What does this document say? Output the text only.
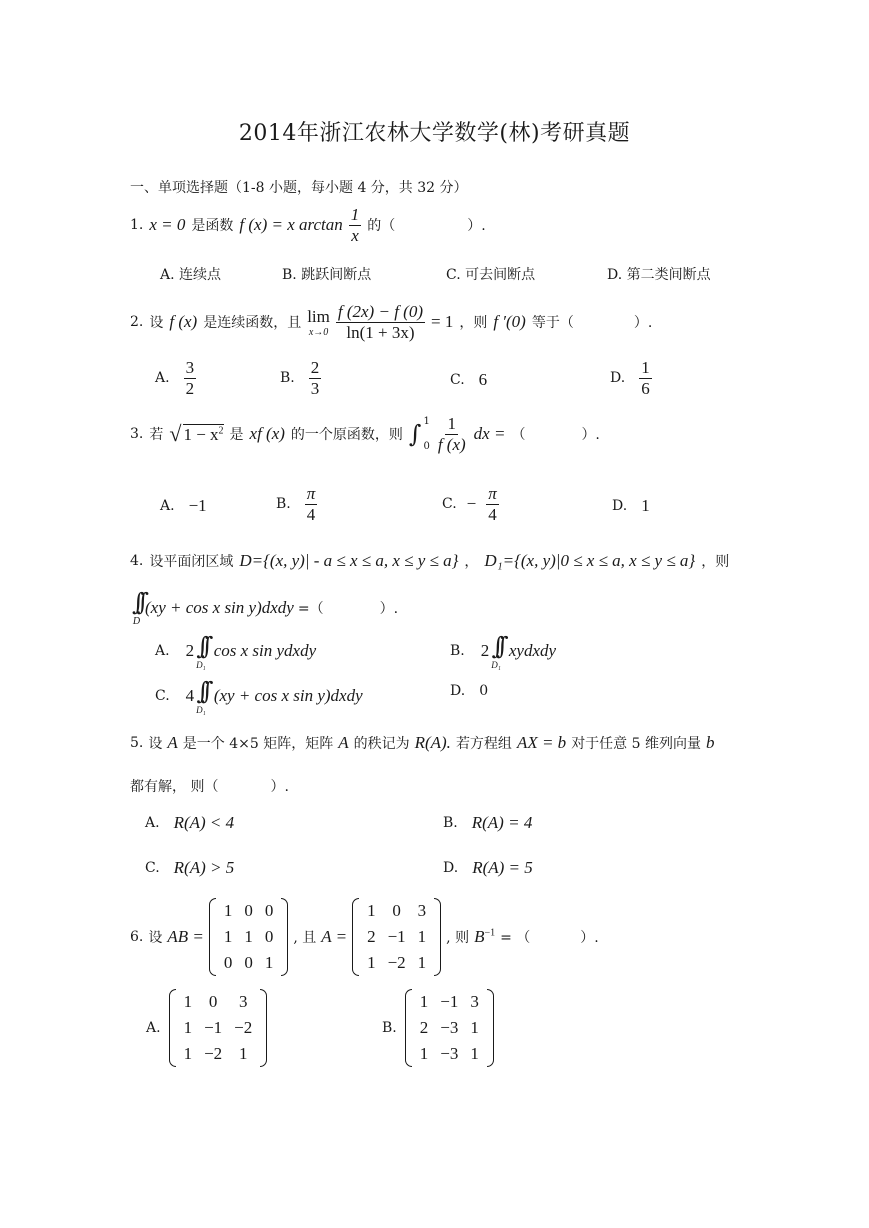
2014年浙江农林大学数学(林)考研真题
一、单项选择题（1-8 小题，每小题 4 分，共 32 分）
1. x = 0 是函数 f (x) = x $\arctan \frac{1}{x}$ 的（	）.
A. 连续点	B. 跳跃间断点	C. 可去间断点	D. 第二类间断点
2. 设 f (x) 是连续函数，且 lim
$x\to 0 \frac{f (2x) - f (0)}{\ln(1 + 3x)} = 1$ ，则 f ′(0) 等于（	）.
A. $\frac{3}{2}$	B. $\frac{2}{3}$	C. 6	D. $\frac{1}{6}$
3. 若 √ $1 - x^2$ 是 xf (x) 的一个原函数，则 ∫ 1
$0 \frac{1}{f (x)}$ dx = （	）.
A. −1	B. $\frac{\pi}{4}$	C. − $\frac{\pi}{4}$	D. 1
4. 设平面闭区域 D={(x, y)| - a ≤ x ≤ a, x ≤ y ≤ a} ， D₁={(x, y)|0 ≤ x ≤ a, x ≤ y ≤ a} ，则
∫∫
D
(xy + cos x sin y)dxdy =（	）.
A. 2 ∫∫
D₁
cos x sin ydxdy	B. 2 ∫∫
D₁
xydxdy
C. 4 ∫∫
D₁
(xy + cos x sin y)dxdy	D. 0
5. 设 A 是一个 4×5 矩阵，矩阵 A 的秩记为 R(A). 若方程组 AX = b 对于任意 5 维列向量 b
都有解， 则（	）.
A. R(A) < 4	B. R(A) = 4
C. R(A) > 5	D. R(A) = 5
6. 设 AB =
1	0	0
1	1	0
0	0	1
, 且 A =
1	0	3
2	−1	1
1	−2	1
, 则 $B^{-1}$ = （	）.
A.
1	0	3
1	−1	−2
1	−2	1
B.
1	−1	3
2	−3	1
1	−3	1
